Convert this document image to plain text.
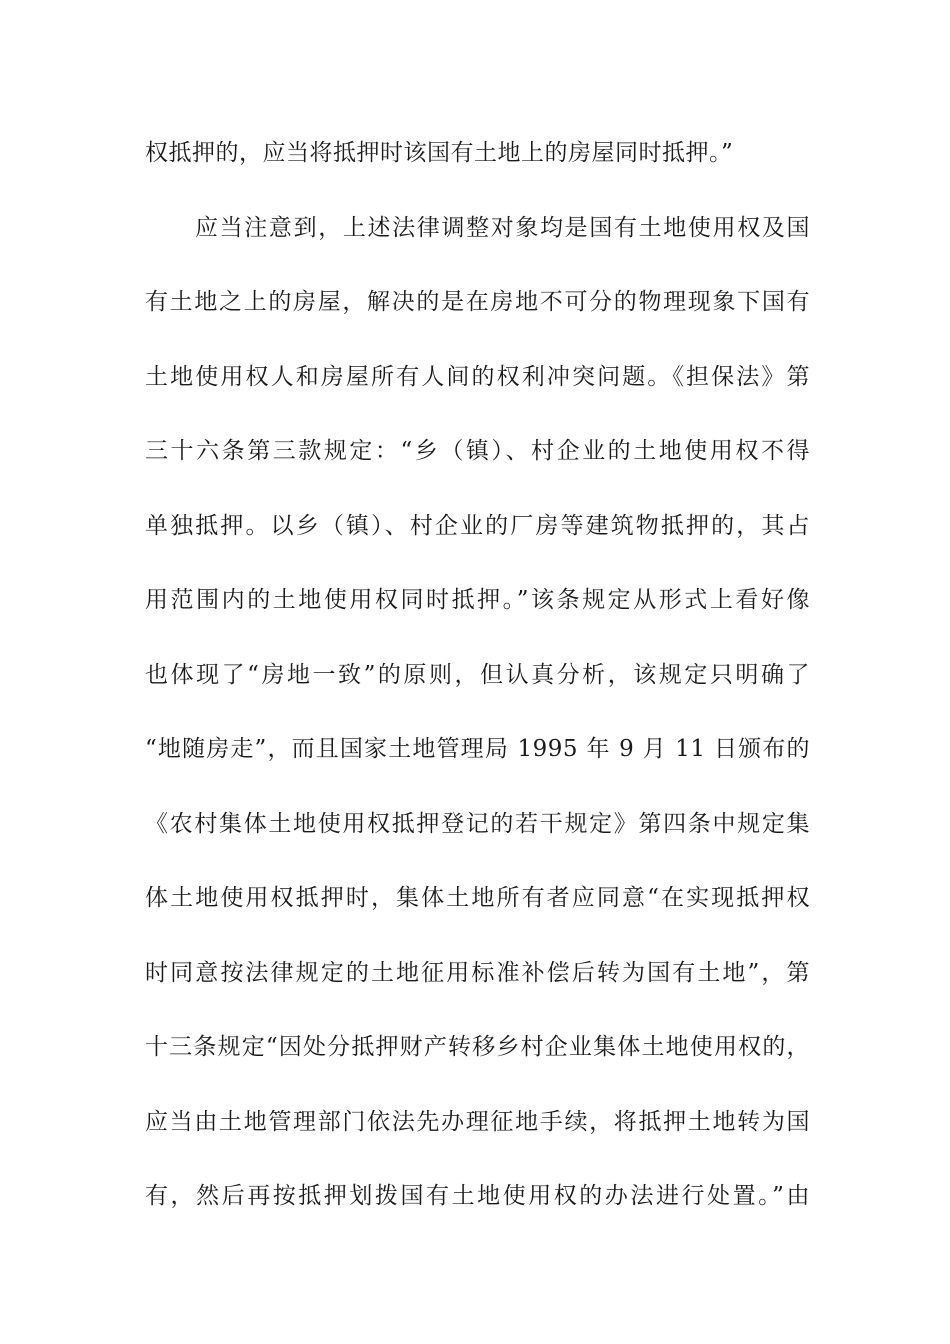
权抵押的，应当将抵押时该国有土地上的房屋同时抵押。”
应当注意到，上述法律调整对象均是国有土地使用权及国
有土地之上的房屋，解决的是在房地不可分的物理现象下国有
土地使用权人和房屋所有人间的权利冲突问题。《担保法》第
三十六条第三款规定：“乡（镇）、村企业的土地使用权不得
单独抵押。以乡（镇）、村企业的厂房等建筑物抵押的，其占
用范围内的土地使用权同时抵押。”该条规定从形式上看好像
也体现了“房地一致”的原则，但认真分析，该规定只明确了
“地随房走”，而且国家土地管理局 1995 年 9 月 11 日颁布的
《农村集体土地使用权抵押登记的若干规定》第四条中规定集
体土地使用权抵押时，集体土地所有者应同意“在实现抵押权
时同意按法律规定的土地征用标准补偿后转为国有土地”，第
十三条规定“因处分抵押财产转移乡村企业集体土地使用权的，
应当由土地管理部门依法先办理征地手续，将抵押土地转为国
有，然后再按抵押划拨国有土地使用权的办法进行处置。”由
